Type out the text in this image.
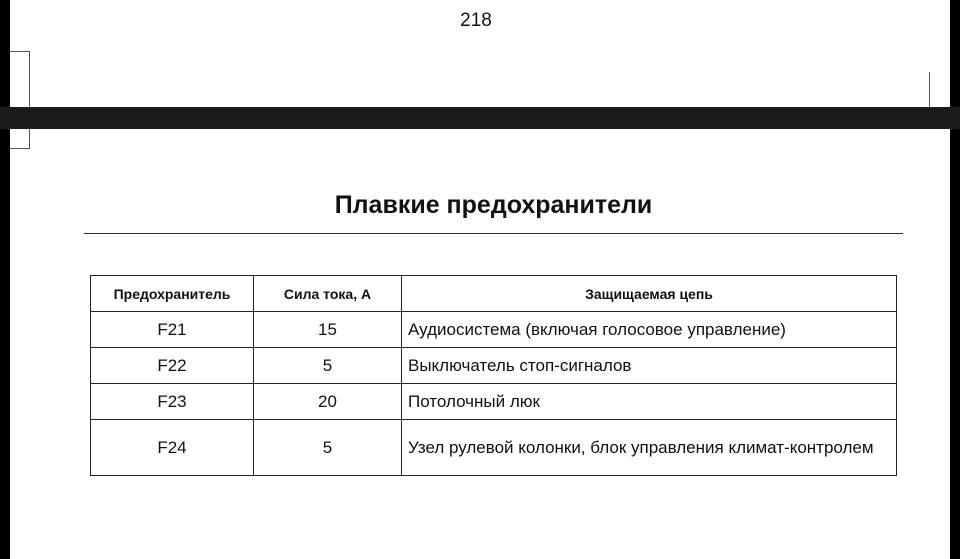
218
Плавкие предохранители
Предохранитель	Сила тока, А	Защищаемая цепь
F21	15	Аудиосистема (включая голосовое управление)
F22	5	Выключатель стоп-сигналов
F23	20	Потолочный люк
F24	5	Узел рулевой колонки, блок управления климат-контролем
